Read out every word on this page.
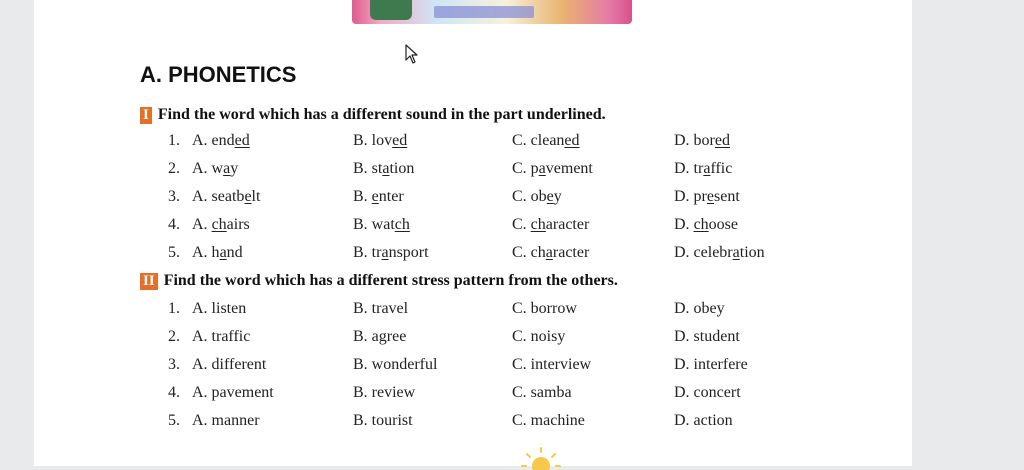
A. PHONETICS
I Find the word which has a different sound in the part underlined.
1. A. ended	B. loved	C. cleaned	D. bored
2. A. way	B. station	C. pavement	D. traffic
3. A. seatbelt	B. enter	C. obey	D. present
4. A. chairs	B. watch	C. character	D. choose
5. A. hand	B. transport	C. character	D. celebration
II Find the word which has a different stress pattern from the others.
1. A. listen	B. travel	C. borrow	D. obey
2. A. traffic	B. agree	C. noisy	D. student
3. A. different	B. wonderful	C. interview	D. interfere
4. A. pavement	B. review	C. samba	D. concert
5. A. manner	B. tourist	C. machine	D. action
